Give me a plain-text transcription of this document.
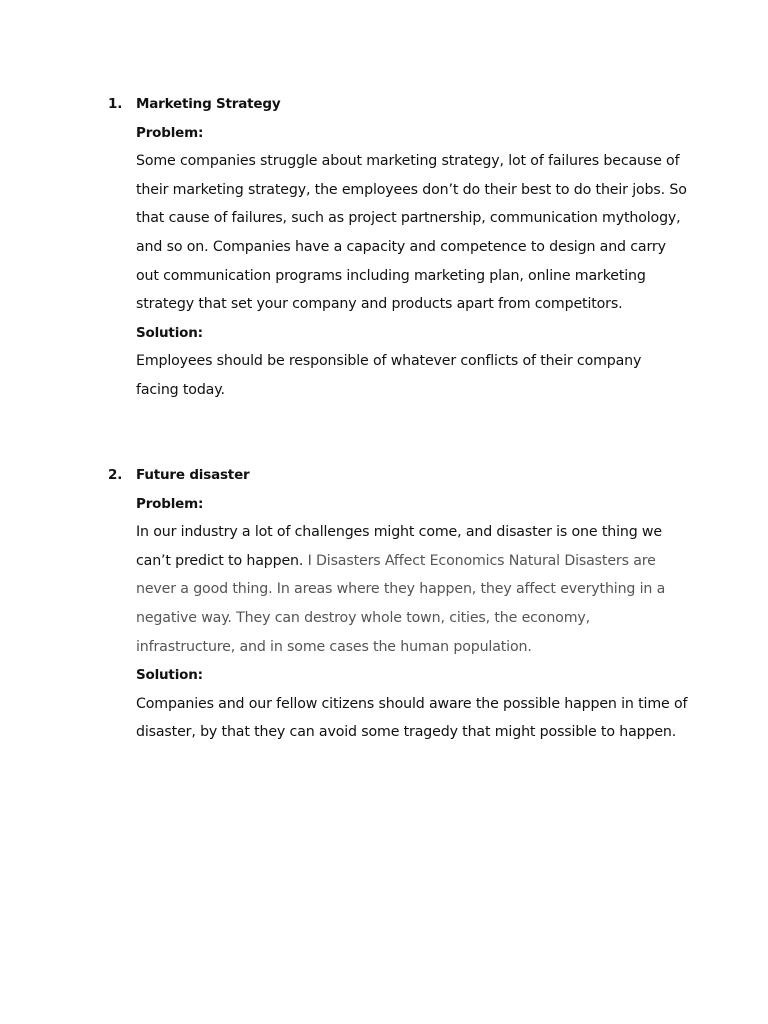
1.	Marketing Strategy
Problem:

Some companies struggle about marketing strategy, lot of failures because of their marketing strategy, the employees don’t do their best to do their jobs. So that cause of failures, such as project partnership, communication mythology, and so on. Companies have a capacity and competence to design and carry out communication programs including marketing plan, online marketing strategy that set your company and products apart from competitors.

Solution:

Employees should be responsible of whatever conflicts of their company facing today.

2.	Future disaster
Problem:

In our industry a lot of challenges might come, and disaster is one thing we can’t predict to happen. I Disasters Affect Economics Natural Disasters are never a good thing. In areas where they happen, they affect everything in a negative way. They can destroy whole town, cities, the economy, infrastructure, and in some cases the human population.

Solution:

Companies and our fellow citizens should aware the possible happen in time of disaster, by that they can avoid some tragedy that might possible to happen.
